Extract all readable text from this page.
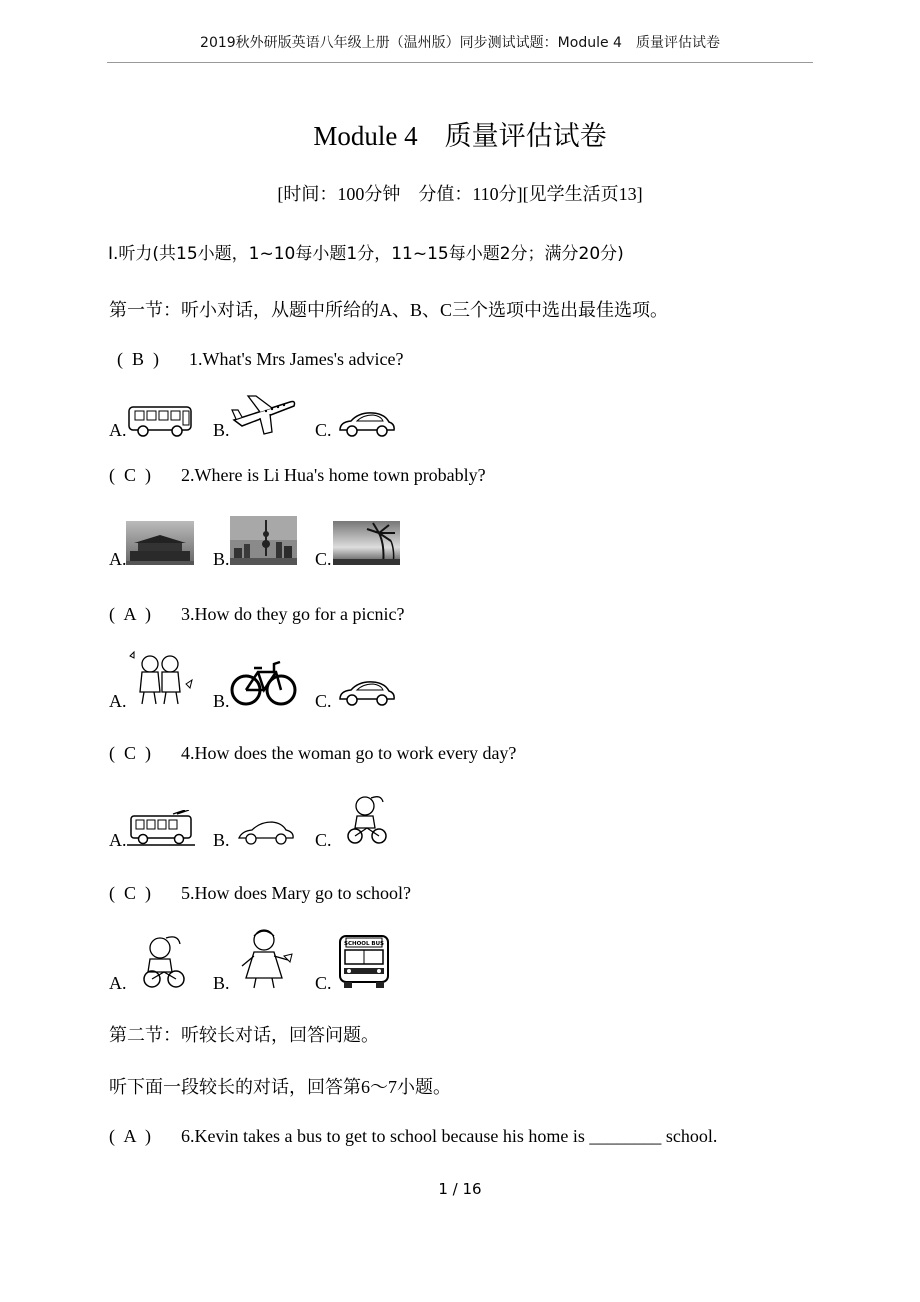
2019秋外研版英语八年级上册（温州版）同步测试试题：Module 4　质量评估试卷
Module 4　质量评估试卷
[时间：100分钟　分值：110分][见学生活页13]
Ⅰ.听力(共15小题，1~10每小题1分，11~15每小题2分；满分20分)
第一节：听小对话，从题中所给的A、B、C三个选项中选出最佳选项。
( B ) 1.What's Mrs James's advice?
A.	B.	C.
( C ) 2.Where is Li Hua's home town probably?
A.	B.	C.
( A ) 3.How do they go for a picnic?
A.	B.	C.
( C ) 4.How does the woman go to work every day?
A.	B.	C.
( C ) 5.How does Mary go to school?
A.	B.	C.
SCHOOL BUS
第二节：听较长对话，回答问题。
听下面一段较长的对话，回答第6～7小题。
( A ) 6.Kevin takes a bus to get to school because his home is ________ school.
1 / 16
